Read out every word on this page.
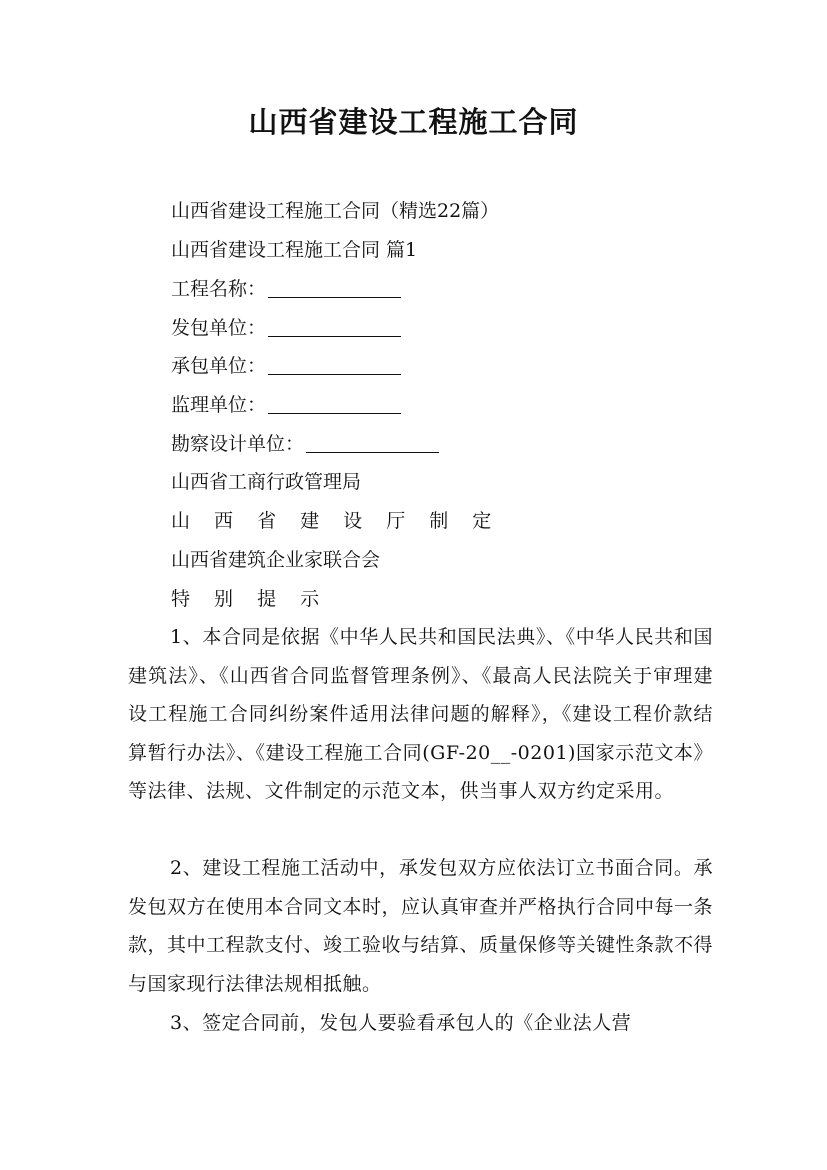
山西省建设工程施工合同
山西省建设工程施工合同（精选22篇）
山西省建设工程施工合同 篇1
工程名称：
发包单位：
承包单位：
监理单位：
勘察设计单位：
山西省工商行政管理局
山 西 省 建 设 厅 制 定
山西省建筑企业家联合会
特 别 提 示
1、本合同是依据《中华人民共和国民法典》、《中华人民共和国建筑法》、《山西省合同监督管理条例》、《最高人民法院关于审理建设工程施工合同纠纷案件适用法律问题的解释》，《建设工程价款结算暂行办法》、《建设工程施工合同(GF-20__-0201)国家示范文本》等法律、法规、文件制定的示范文本，供当事人双方约定采用。
2、建设工程施工活动中，承发包双方应依法订立书面合同。承发包双方在使用本合同文本时，应认真审查并严格执行合同中每一条款，其中工程款支付、竣工验收与结算、质量保修等关键性条款不得与国家现行法律法规相抵触。
3、签定合同前，发包人要验看承包人的《企业法人营
